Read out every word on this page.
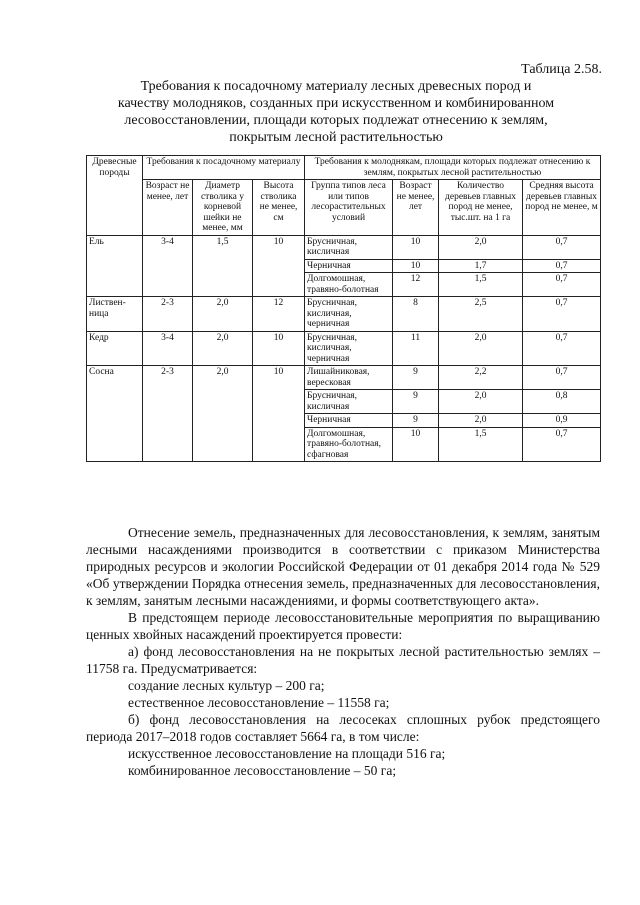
Таблица 2.58.
Требования к посадочному материалу лесных древесных пород и
качеству молодняков, созданных при искусственном и комбинированном
лесовосстановлении, площади которых подлежат отнесению к землям,
покрытым лесной растительностью
Древесные породы	Требования к посадочному материалу			Требования к молоднякам, площади которых подлежат отнесению к землям, покрытых лесной растительностью			
	Возраст не менее, лет	Диаметр стволика у корневой шейки не менее, мм	Высота стволика не менее, см	Группа типов леса или типов лесорастительных условий	Возраст не менее, лет	Количество деревьев главных пород не менее, тыс.шт. на 1 га	Средняя высота деревьев главных пород не менее, м
Ель	3-4	1,5	10	Брусничная, кисличная	10	2,0	0,7
				Черничная	10	1,7	0,7
				Долгомошная, травяно-болотная	12	1,5	0,7
Листвен-ница	2-3	2,0	12	Брусничная, кисличная, черничная	8	2,5	0,7
Кедр	3-4	2,0	10	Брусничная, кисличная, черничная	11	2,0	0,7
Сосна	2-3	2,0	10	Лишайниковая, вересковая	9	2,2	0,7
				Брусничная, кисличная	9	2,0	0,8
				Черничная	9	2,0	0,9
				Долгомошная, травяно-болотная, сфагновая	10	1,5	0,7

Отнесение земель, предназначенных для лесовосстановления, к землям, занятым лесными насаждениями производится в соответствии с приказом Министерства природных ресурсов и экологии Российской Федерации от 01 декабря 2014 года № 529 «Об утверждении Порядка отнесения земель, предназначенных для лесовосстановления, к землям, занятым лесными насаждениями, и формы соответствующего акта».

В предстоящем периоде лесовосстановительные мероприятия по выращиванию ценных хвойных насаждений проектируется провести:

а) фонд лесовосстановления на не покрытых лесной растительностью землях – 11758 га. Предусматривается:

создание лесных культур – 200 га;

естественное лесовосстановление – 11558 га;

б) фонд лесовосстановления на лесосеках сплошных рубок предстоящего периода 2017–2018 годов составляет 5664 га, в том числе:

искусственное лесовосстановление на площади 516 га;

комбинированное лесовосстановление – 50 га;
